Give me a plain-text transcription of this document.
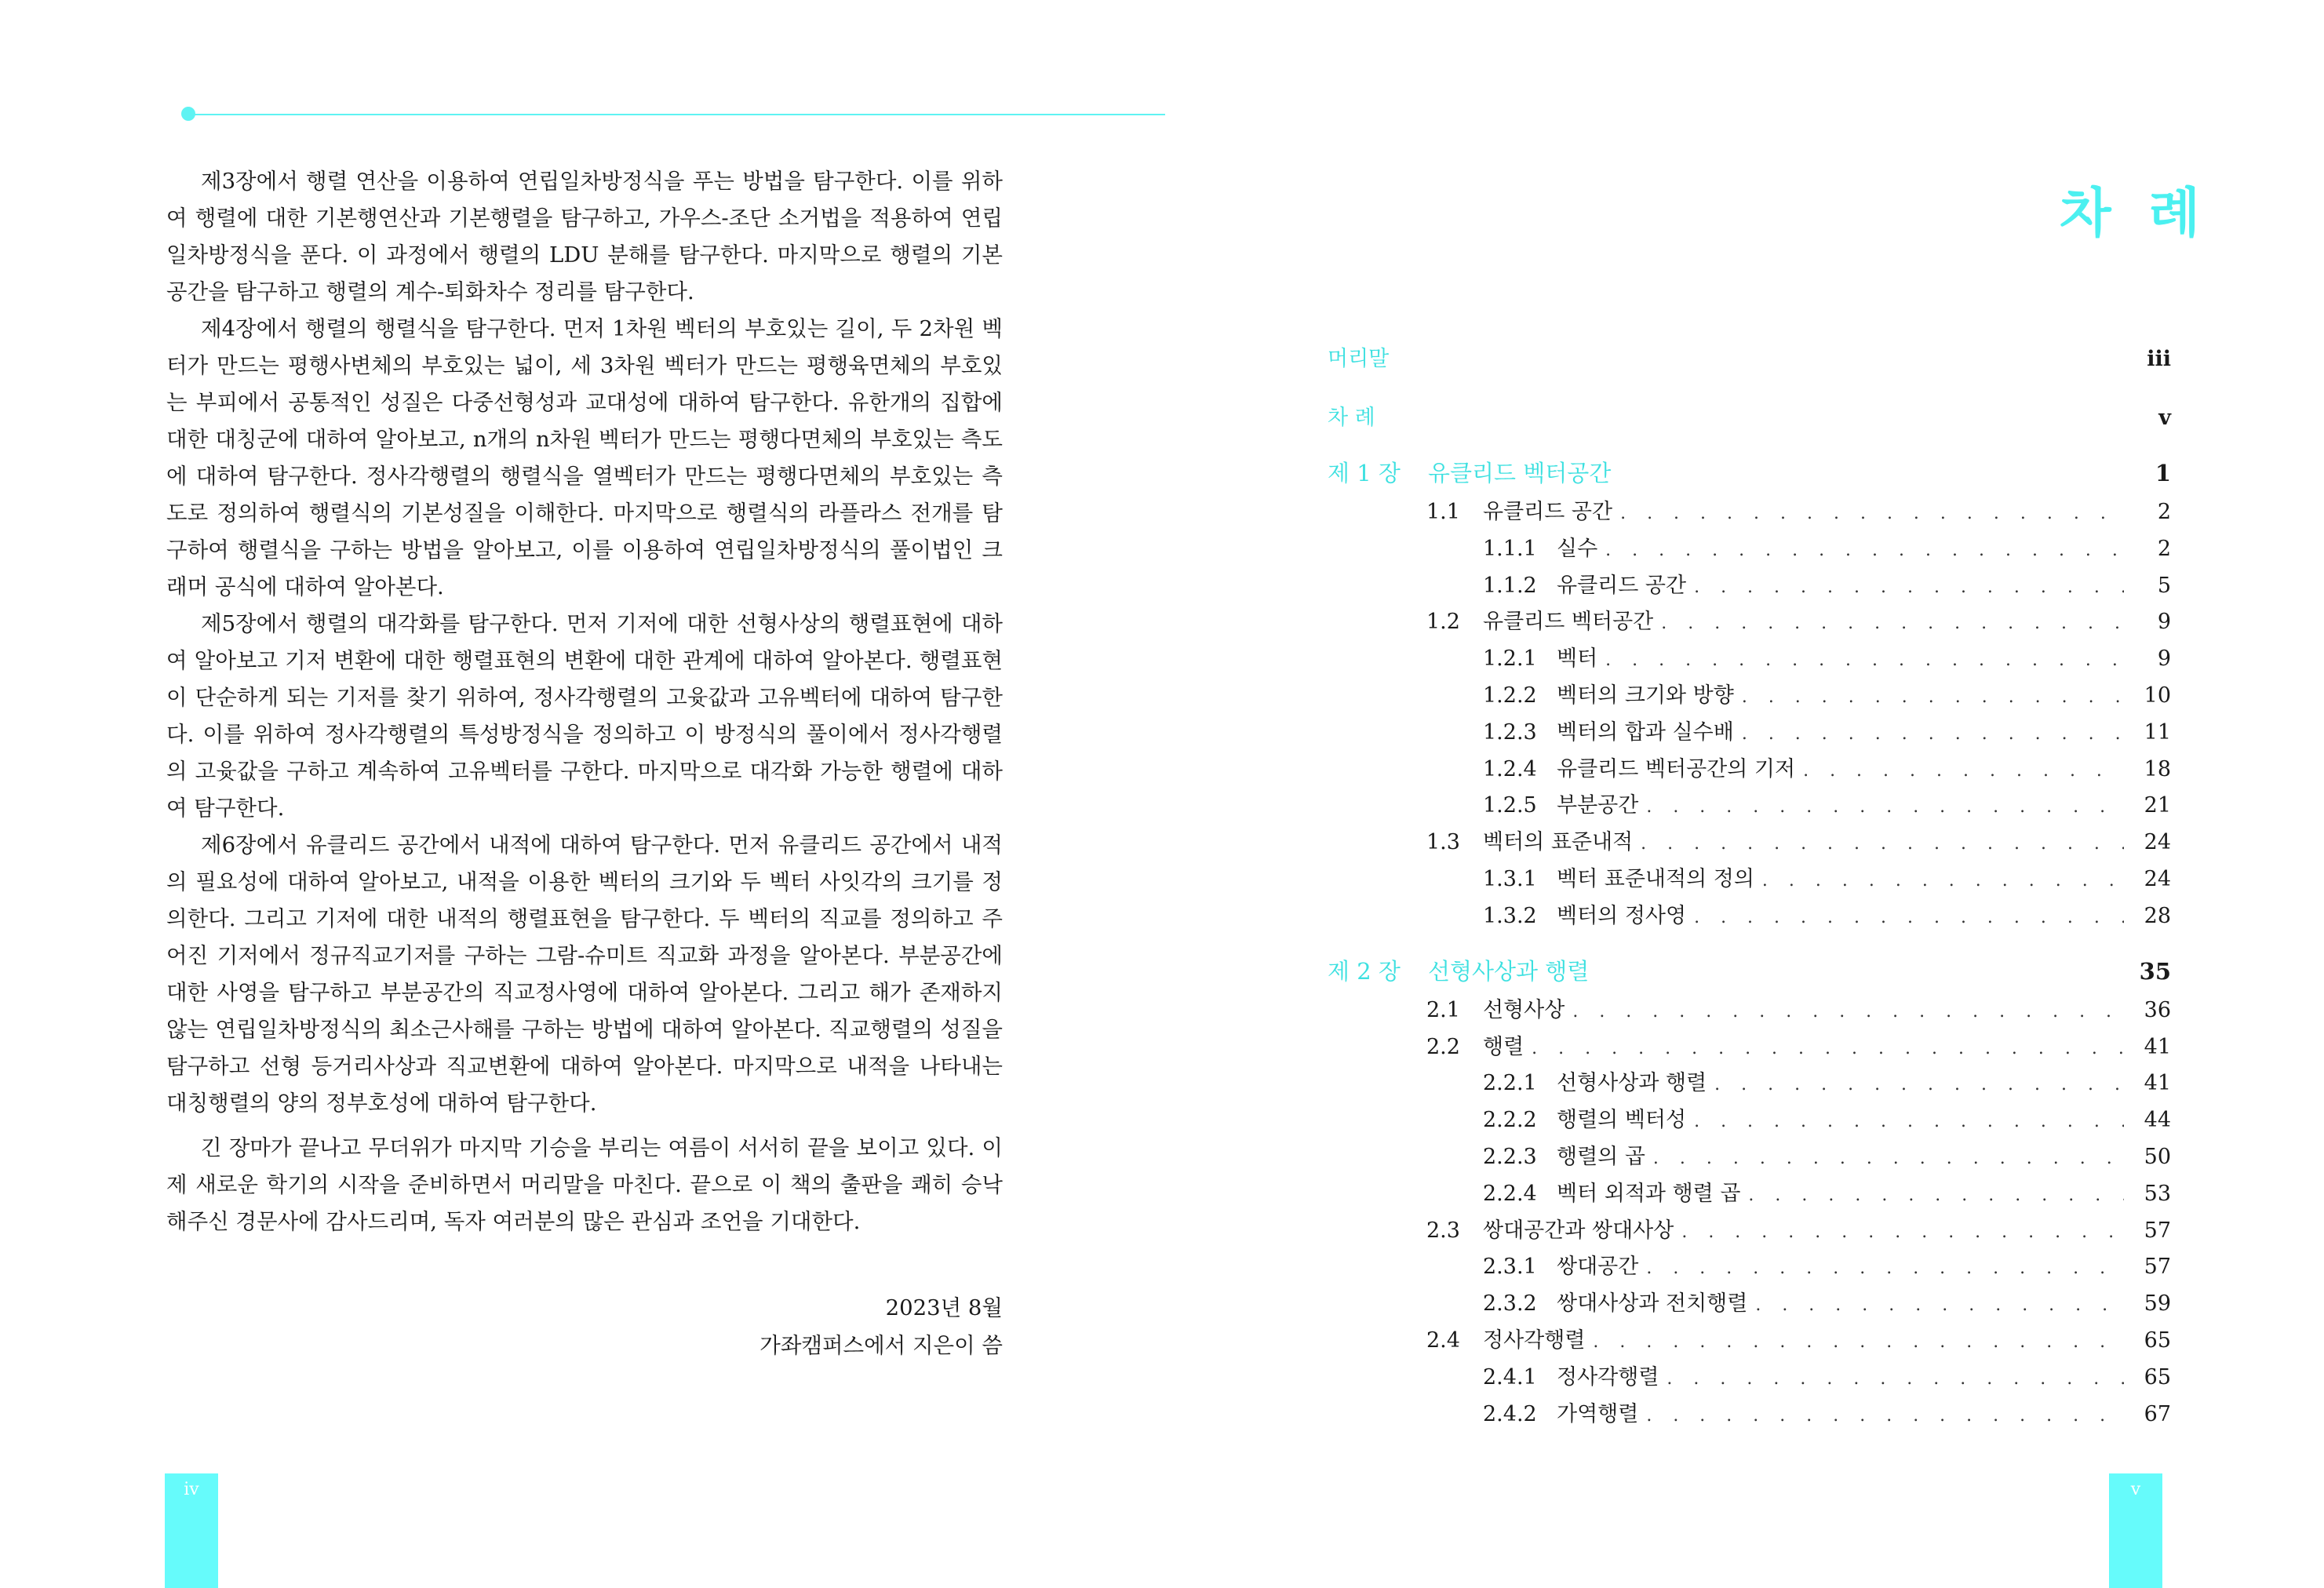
제3장에서 행렬 연산을 이용하여 연립일차방정식을 푸는 방법을 탐구한다. 이를 위하여 행렬에 대한 기본행연산과 기본행렬을 탐구하고, 가우스-조단 소거법을 적용하여 연립일차방정식을 푼다. 이 과정에서 행렬의 LDU 분해를 탐구한다. 마지막으로 행렬의 기본공간을 탐구하고 행렬의 계수-퇴화차수 정리를 탐구한다.

제4장에서 행렬의 행렬식을 탐구한다. 먼저 1차원 벡터의 부호있는 길이, 두 2차원 벡터가 만드는 평행사변체의 부호있는 넓이, 세 3차원 벡터가 만드는 평행육면체의 부호있는 부피에서 공통적인 성질은 다중선형성과 교대성에 대하여 탐구한다. 유한개의 집합에 대한 대칭군에 대하여 알아보고, n개의 n차원 벡터가 만드는 평행다면체의 부호있는 측도에 대하여 탐구한다. 정사각행렬의 행렬식을 열벡터가 만드는 평행다면체의 부호있는 측도로 정의하여 행렬식의 기본성질을 이해한다. 마지막으로 행렬식의 라플라스 전개를 탐구하여 행렬식을 구하는 방법을 알아보고, 이를 이용하여 연립일차방정식의 풀이법인 크래머 공식에 대하여 알아본다.

제5장에서 행렬의 대각화를 탐구한다. 먼저 기저에 대한 선형사상의 행렬표현에 대하여 알아보고 기저 변환에 대한 행렬표현의 변환에 대한 관계에 대하여 알아본다. 행렬표현이 단순하게 되는 기저를 찾기 위하여, 정사각행렬의 고윳값과 고유벡터에 대하여 탐구한다. 이를 위하여 정사각행렬의 특성방정식을 정의하고 이 방정식의 풀이에서 정사각행렬의 고윳값을 구하고 계속하여 고유벡터를 구한다. 마지막으로 대각화 가능한 행렬에 대하여 탐구한다.

제6장에서 유클리드 공간에서 내적에 대하여 탐구한다. 먼저 유클리드 공간에서 내적의 필요성에 대하여 알아보고, 내적을 이용한 벡터의 크기와 두 벡터 사잇각의 크기를 정의한다. 그리고 기저에 대한 내적의 행렬표현을 탐구한다. 두 벡터의 직교를 정의하고 주어진 기저에서 정규직교기저를 구하는 그람-슈미트 직교화 과정을 알아본다. 부분공간에 대한 사영을 탐구하고 부분공간의 직교정사영에 대하여 알아본다. 그리고 해가 존재하지 않는 연립일차방정식의 최소근사해를 구하는 방법에 대하여 알아본다. 직교행렬의 성질을 탐구하고 선형 등거리사상과 직교변환에 대하여 알아본다. 마지막으로 내적을 나타내는 대칭행렬의 양의 정부호성에 대하여 탐구한다.

긴 장마가 끝나고 무더위가 마지막 기승을 부리는 여름이 서서히 끝을 보이고 있다. 이제 새로운 학기의 시작을 준비하면서 머리말을 마친다. 끝으로 이 책의 출판을 쾌히 승낙해주신 경문사에 감사드리며, 독자 여러분의 많은 관심과 조언을 기대한다.

2023년 8월
가좌캠퍼스에서 지은이 씀
iv
차 례
머리말	iii
차 례	v
제 1 장	유클리드 벡터공간	1
1.1	유클리드 공간 . . .	2
1.1.1 실수 . . .	2
1.1.2 유클리드 공간 . . .	5
1.2	유클리드 벡터공간 . . .	9
1.2.1 벡터 . . .	9
1.2.2 벡터의 크기와 방향 . . .	10
1.2.3 벡터의 합과 실수배 . . .	11
1.2.4 유클리드 벡터공간의 기저 . . .	18
1.2.5 부분공간 . . .	21
1.3	벡터의 표준내적 . . .	24
1.3.1 벡터 표준내적의 정의 . . .	24
1.3.2 벡터의 정사영 . . .	28
제 2 장	선형사상과 행렬	35
2.1	선형사상 . . .	36
2.2	행렬 . . .	41
2.2.1 선형사상과 행렬 . . .	41
2.2.2 행렬의 벡터성 . . .	44
2.2.3 행렬의 곱 . . .	50
2.2.4 벡터 외적과 행렬 곱 . . .	53
2.3	쌍대공간과 쌍대사상 . . .	57
2.3.1 쌍대공간 . . .	57
2.3.2 쌍대사상과 전치행렬 . . .	59
2.4	정사각행렬 . . .	65
2.4.1 정사각행렬 . . .	65
2.4.2 가역행렬 . . .	67
v
